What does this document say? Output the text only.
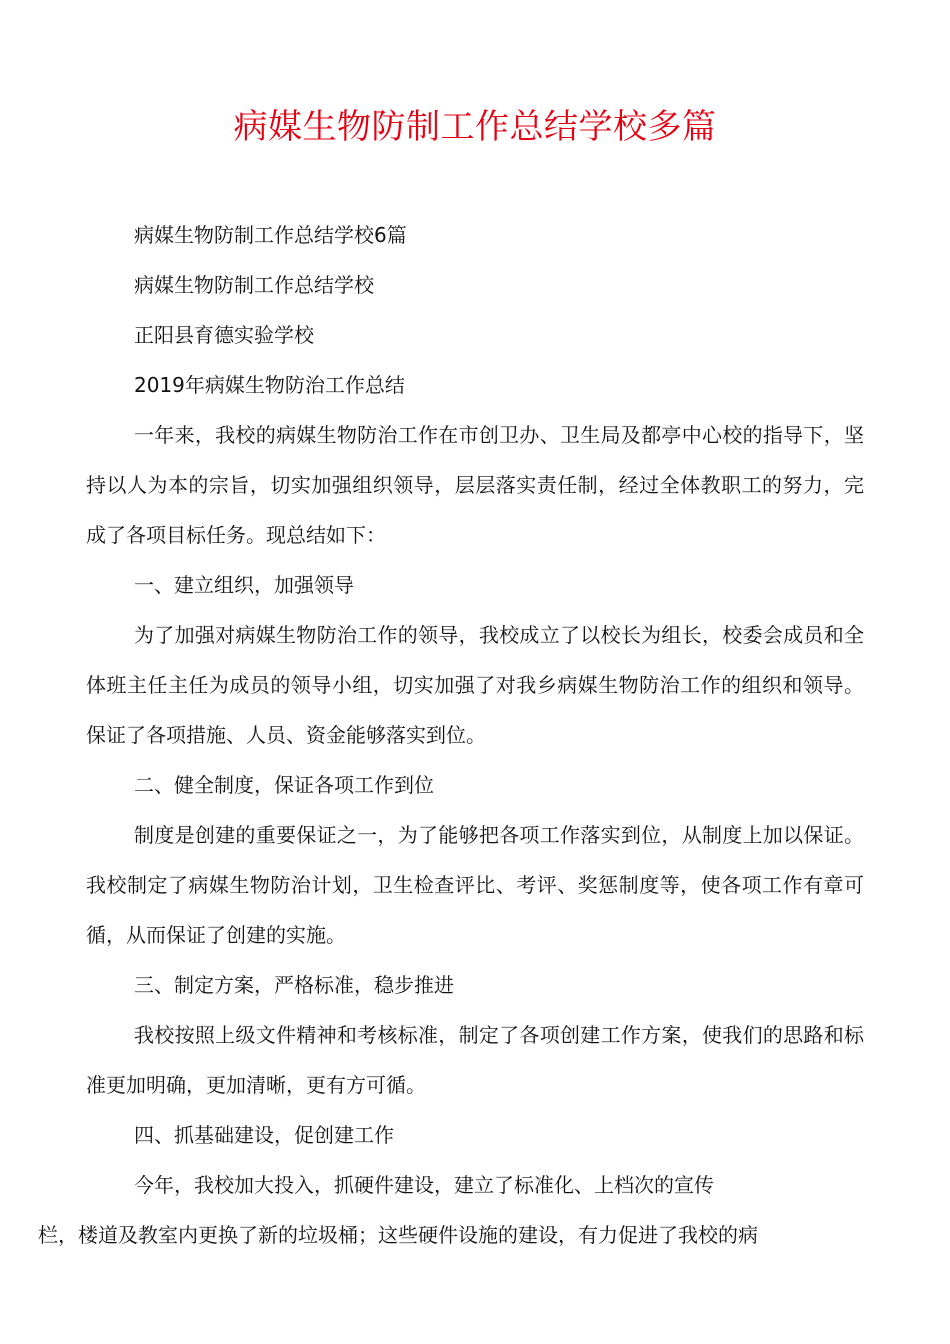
病媒生物防制工作总结学校多篇

病媒生物防制工作总结学校6篇

病媒生物防制工作总结学校

正阳县育德实验学校

2019年病媒生物防治工作总结

一年来，我校的病媒生物防治工作在市创卫办、卫生局及都亭中心校的指导下，坚持以人为本的宗旨，切实加强组织领导，层层落实责任制，经过全体教职工的努力，完成了各项目标任务。现总结如下：

一、建立组织，加强领导

为了加强对病媒生物防治工作的领导，我校成立了以校长为组长，校委会成员和全体班主任主任为成员的领导小组，切实加强了对我乡病媒生物防治工作的组织和领导。保证了各项措施、人员、资金能够落实到位。

二、健全制度，保证各项工作到位

制度是创建的重要保证之一，为了能够把各项工作落实到位，从制度上加以保证。我校制定了病媒生物防治计划，卫生检查评比、考评、奖惩制度等，使各项工作有章可循，从而保证了创建的实施。

三、制定方案，严格标准，稳步推进

我校按照上级文件精神和考核标准，制定了各项创建工作方案，使我们的思路和标准更加明确，更加清晰，更有方可循。

四、抓基础建设，促创建工作

今年，我校加大投入，抓硬件建设，建立了标准化、上档次的宣传
栏，楼道及教室内更换了新的垃圾桶；这些硬件设施的建设，有力促进了我校的病
